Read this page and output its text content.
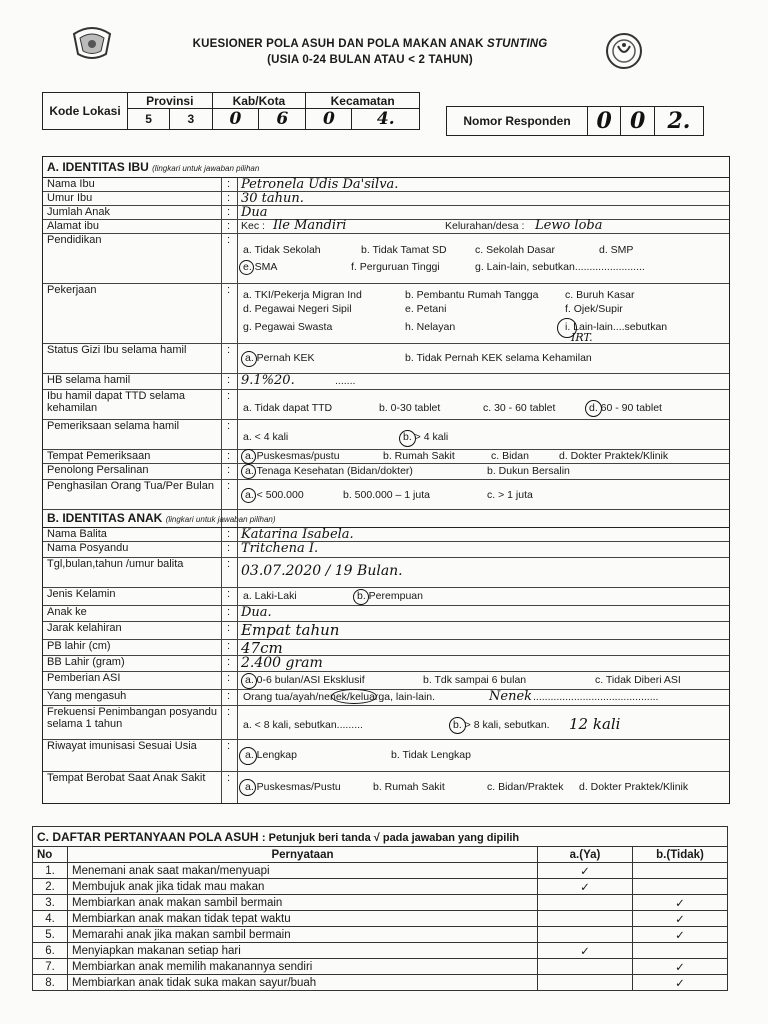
KUESIONER POLA ASUH DAN POLA MAKAN ANAK STUNTING
(USIA 0-24 BULAN ATAU < 2 TAHUN)
Kode Lokasi	Provinsi		Kab/Kota		Kecamatan	
	5	3	0	6	0	4.	Nomor Responden	0	0	2.
A. IDENTITAS IBU (lingkari untuk jawaban pilihan
Nama Ibu	: Petronela Udis Da'silva.
Umur Ibu	: 30 tahun.
Jumlah Anak	: Dua
Alamat ibu	: Kec : Ile Mandiri	Kelurahan/desa : Lewo loba
Pendidikan	:
a. Tidak Sekolah	b. Tidak Tamat SD	c. Sekolah Dasar	d. SMP
e. SMA	f. Perguruan Tinggi	g. Lain-lain, sebutkan........................
Pekerjaan	: a. TKI/Pekerja Migran Ind	b. Pembantu Rumah Tangga	c. Buruh Kasar
d. Pegawai Negeri Sipil	e. Petani	f. Ojek/Supir
g. Pegawai Swasta	h. Nelayan	i. Lain-lain....sebutkan
IRT.
Status Gizi Ibu selama hamil	:
a. Pernah KEK	b. Tidak Pernah KEK selama Kehamilan
HB selama hamil	: 9.1%20.	.......
Ibu hamil dapat TTD selama kehamilan
:
a. Tidak dapat TTD	b. 0-30 tablet	c. 30 - 60 tablet	d. 60 - 90 tablet
Pemeriksaan selama hamil	:
a. < 4 kali	b. > 4 kali
Tempat Pemeriksaan	: a. Puskesmas/pustu	b. Rumah Sakit	c. Bidan	d. Dokter Praktek/Klinik
Penolong Persalinan	: a. Tenaga Kesehatan (Bidan/dokter)	b. Dukun Bersalin
Penghasilan Orang Tua/Per Bulan :
a. < 500.000	b. 500.000 – 1 juta	c. > 1 juta
B. IDENTITAS ANAK (lingkari untuk jawaban pilihan)
Nama Balita	: Katarina Isabela.
Nama Posyandu	: Tritchena I.
Tgl,bulan,tahun /umur balita	: 03.07.2020 / 19 Bulan.
Jenis Kelamin	: a. Laki-Laki	b. Perempuan
Anak ke	: Dua.
Jarak kelahiran	: Empat tahun
PB lahir (cm)	: 47cm
BB Lahir (gram)	: 2.400 gram
Pemberian ASI	: a. 0-6 bulan/ASI Eksklusif	b. Tdk sampai 6 bulan	c. Tidak Diberi ASI
Yang mengasuh	: Orang tua/ayah/nenek/keluarga, lain-lain.	Nenek ...........................................
Frekuensi Penimbangan posyandu selama 1 tahun
:
a. < 8 kali, sebutkan.........	b. > 8 kali, sebutkan. 12 kali
Riwayat imunisasi Sesuai Usia	:
a. Lengkap	b. Tidak Lengkap
Tempat Berobat Saat Anak Sakit	:
a. Puskesmas/Pustu	b. Rumah Sakit	c. Bidan/Praktek d. Dokter Praktek/Klinik
C. DAFTAR PERTANYAAN POLA ASUH : Petunjuk beri tanda √ pada jawaban yang dipilih			
No	Pernyataan	a.(Ya)	b.(Tidak)
1.	Menemani anak saat makan/menyuapi	✓	
2.	Membujuk anak jika tidak mau makan	✓	
3.	Membiarkan anak makan sambil bermain		✓
4.	Membiarkan anak makan tidak tepat waktu		✓
5.	Memarahi anak jika makan sambil bermain		✓
6.	Menyiapkan makanan setiap hari	✓	
7.	Membiarkan anak memilih makanannya sendiri		✓
8.	Membiarkan anak tidak suka makan sayur/buah		✓
